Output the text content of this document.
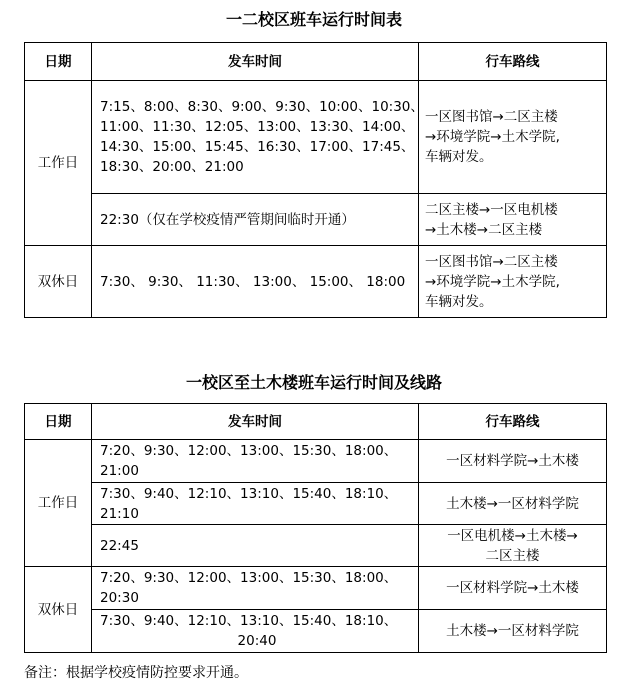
一二校区班车运行时间表
日期	发车时间	行车路线
工作日	7:15、8:00、8:30、9:00、9:30、10:00、10:30、
11:00、11:30、12:05、13:00、13:30、14:00、
14:30、15:00、15:45、16:30、17:00、17:45、
18:30、20:00、21:00	一区图书馆→二区主楼
→环境学院→土木学院,
车辆对发。

	22:30（仅在学校疫情严管期间临时开通）	二区主楼→一区电机楼
→土木楼→二区主楼

双休日	7:30、 9:30、 11:30、 13:00、 15:00、 18:00	一区图书馆→二区主楼
→环境学院→土木学院,
车辆对发。
一校区至土木楼班车运行时间及线路
日期	发车时间	行车路线
工作日	7:20、9:30、12:00、13:00、15:30、18:00、
21:00	一区材料学院→土木楼

	7:30、9:40、12:10、13:10、15:40、18:10、
21:10	土木楼→一区材料学院

	22:45	一区电机楼→土木楼→
二区主楼

双休日	7:20、9:30、12:00、13:00、15:30、18:00、
20:30	一区材料学院→土木楼

	7:30、9:40、12:10、13:10、15:40、18:10、
20:40	土木楼→一区材料学院
备注：根据学校疫情防控要求开通。
